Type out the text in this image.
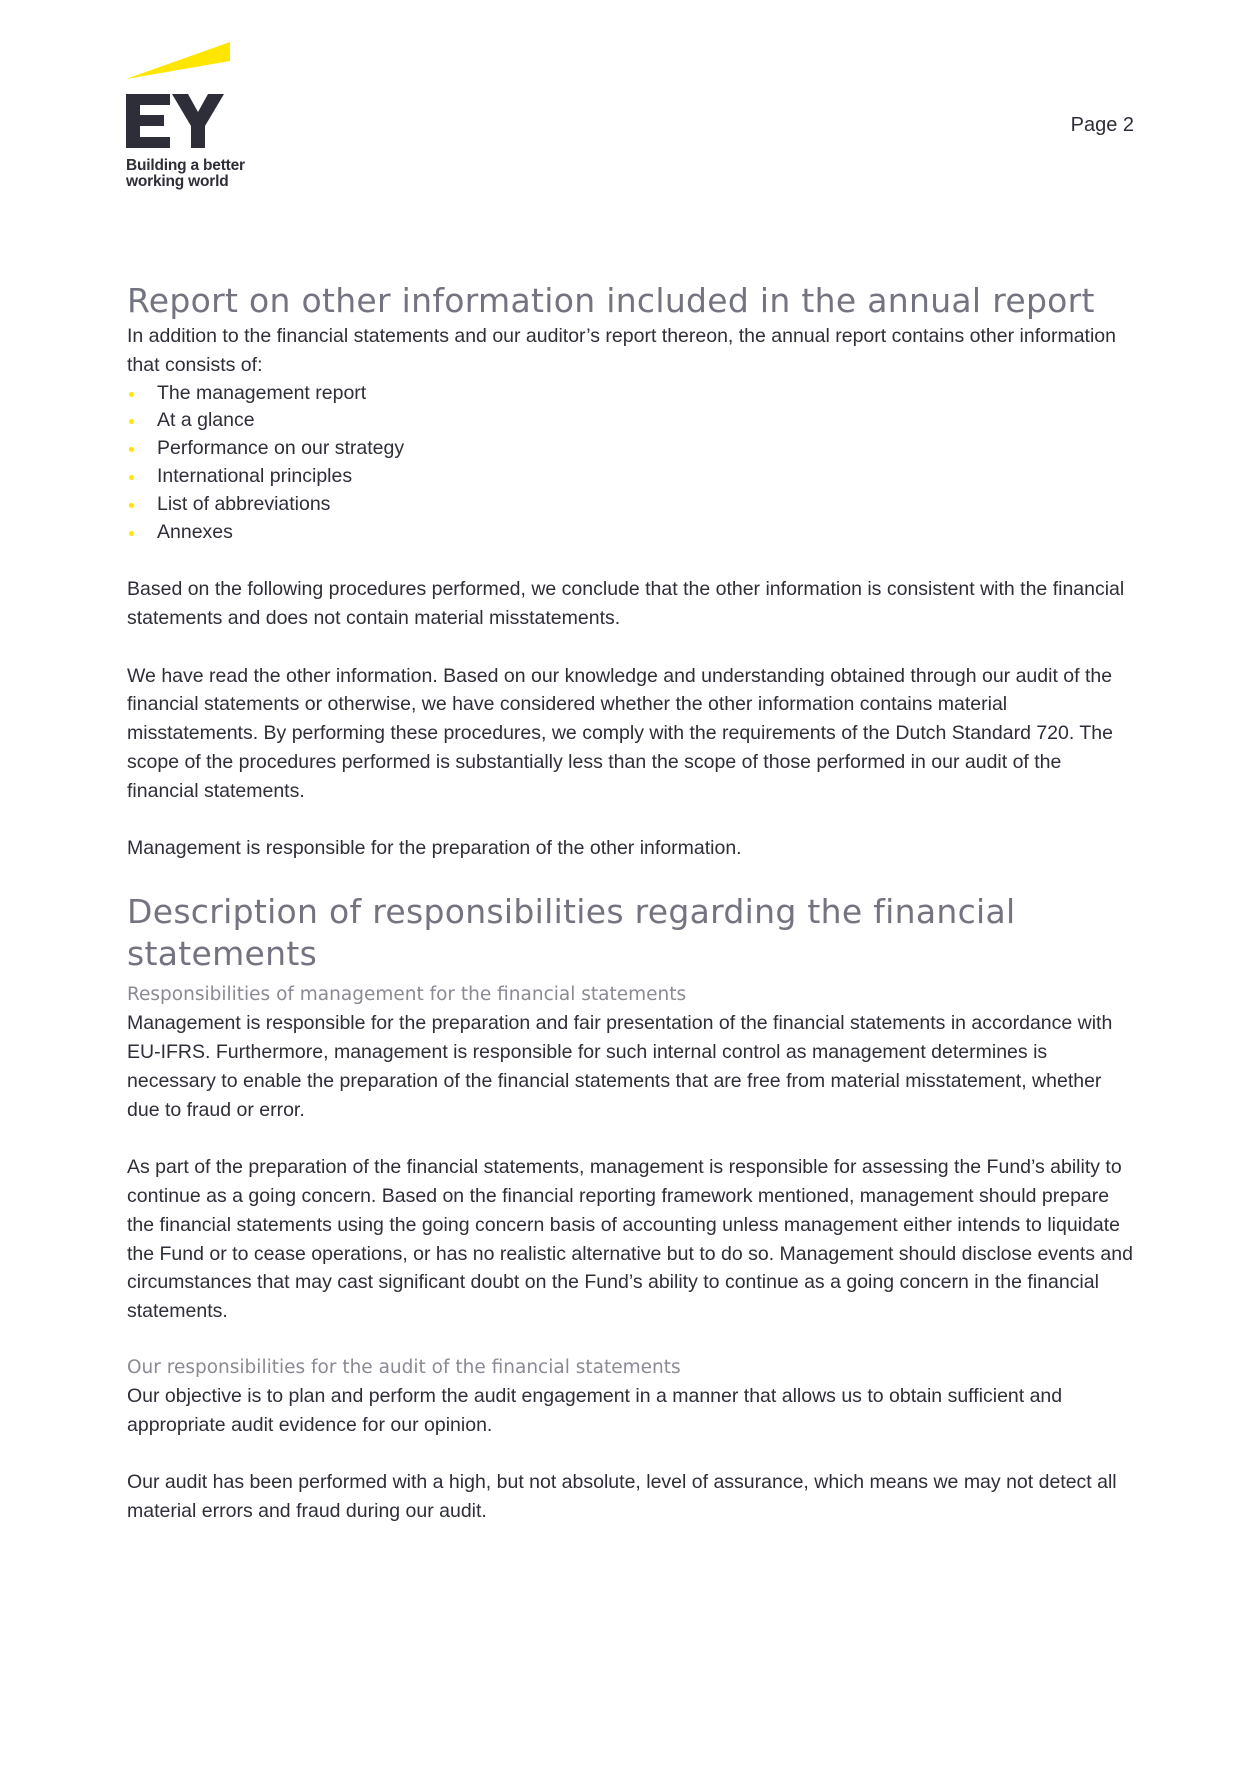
Building a better
working world
Page 2
Report on other information included in the annual report

In addition to the financial statements and our auditor’s report thereon, the annual report contains other information that consists of:

The management report
At a glance
Performance on our strategy
International principles
List of abbreviations
Annexes

Based on the following procedures performed, we conclude that the other information is consistent with the financial statements and does not contain material misstatements.

We have read the other information. Based on our knowledge and understanding obtained through our audit of the financial statements or otherwise, we have considered whether the other information contains material misstatements. By performing these procedures, we comply with the requirements of the Dutch Standard 720. The scope of the procedures performed is substantially less than the scope of those performed in our audit of the financial statements.

Management is responsible for the preparation of the other information.

Description of responsibilities regarding the financial statements
Responsibilities of management for the financial statements

Management is responsible for the preparation and fair presentation of the financial statements in accordance with EU-IFRS. Furthermore, management is responsible for such internal control as management determines is necessary to enable the preparation of the financial statements that are free from material misstatement, whether due to fraud or error.

As part of the preparation of the financial statements, management is responsible for assessing the Fund’s ability to continue as a going concern. Based on the financial reporting framework mentioned, management should prepare the financial statements using the going concern basis of accounting unless management either intends to liquidate the Fund or to cease operations, or has no realistic alternative but to do so. Management should disclose events and circumstances that may cast significant doubt on the Fund’s ability to continue as a going concern in the financial statements.

Our responsibilities for the audit of the financial statements

Our objective is to plan and perform the audit engagement in a manner that allows us to obtain sufficient and appropriate audit evidence for our opinion.

Our audit has been performed with a high, but not absolute, level of assurance, which means we may not detect all material errors and fraud during our audit.
